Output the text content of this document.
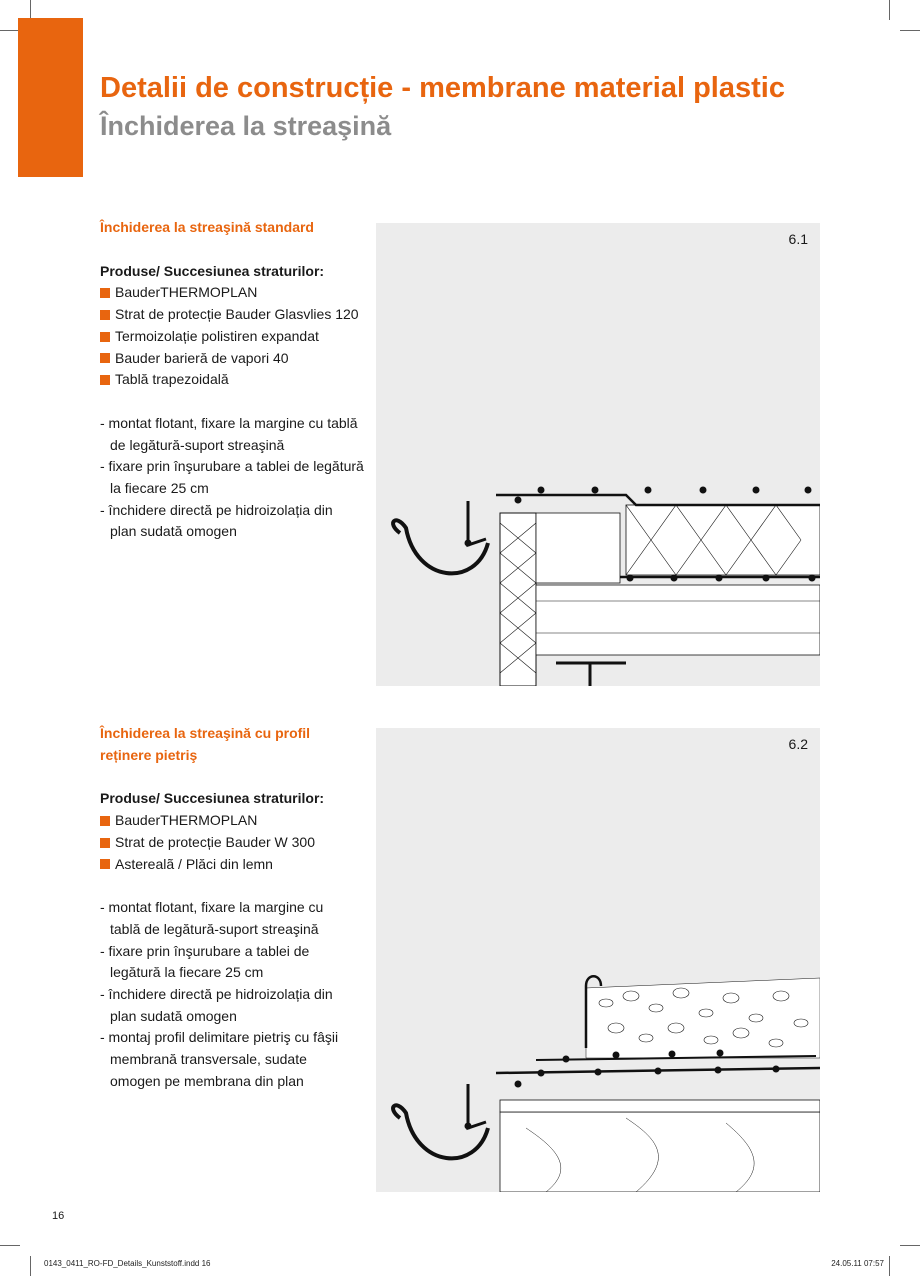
Detalii de construcție - membrane material plastic
Închiderea la streaşină
Închiderea la streaşină standard
Produse/ Succesiunea straturilor:
BauderTHERMOPLAN
Strat de protecție Bauder Glasvlies 120
Termoizolație polistiren expandat
Bauder barieră de vapori 40
Tablă trapezoidală
- montat flotant, fixare la margine cu tablă
de legătură-suport streaşină
- fixare prin înşurubare a tablei de legătură
la fiecare 25 cm
- închidere directă pe hidroizolația din
plan sudată omogen
6.1
Închiderea la streaşină cu profil
reținere pietriş
Produse/ Succesiunea straturilor:
BauderTHERMOPLAN
Strat de protecție Bauder W 300
Asterealã / Plăci din lemn
- montat flotant, fixare la margine cu
tablă de legătură-suport streaşină
- fixare prin înşurubare a tablei de
legătură la fiecare 25 cm
- închidere directă pe hidroizolația din
plan sudată omogen
- montaj profil delimitare pietriş cu fâşii
membrană transversale, sudate
omogen pe membrana din plan
6.2
16
0143_0411_RO-FD_Details_Kunststoff.indd 16	24.05.11 07:57
